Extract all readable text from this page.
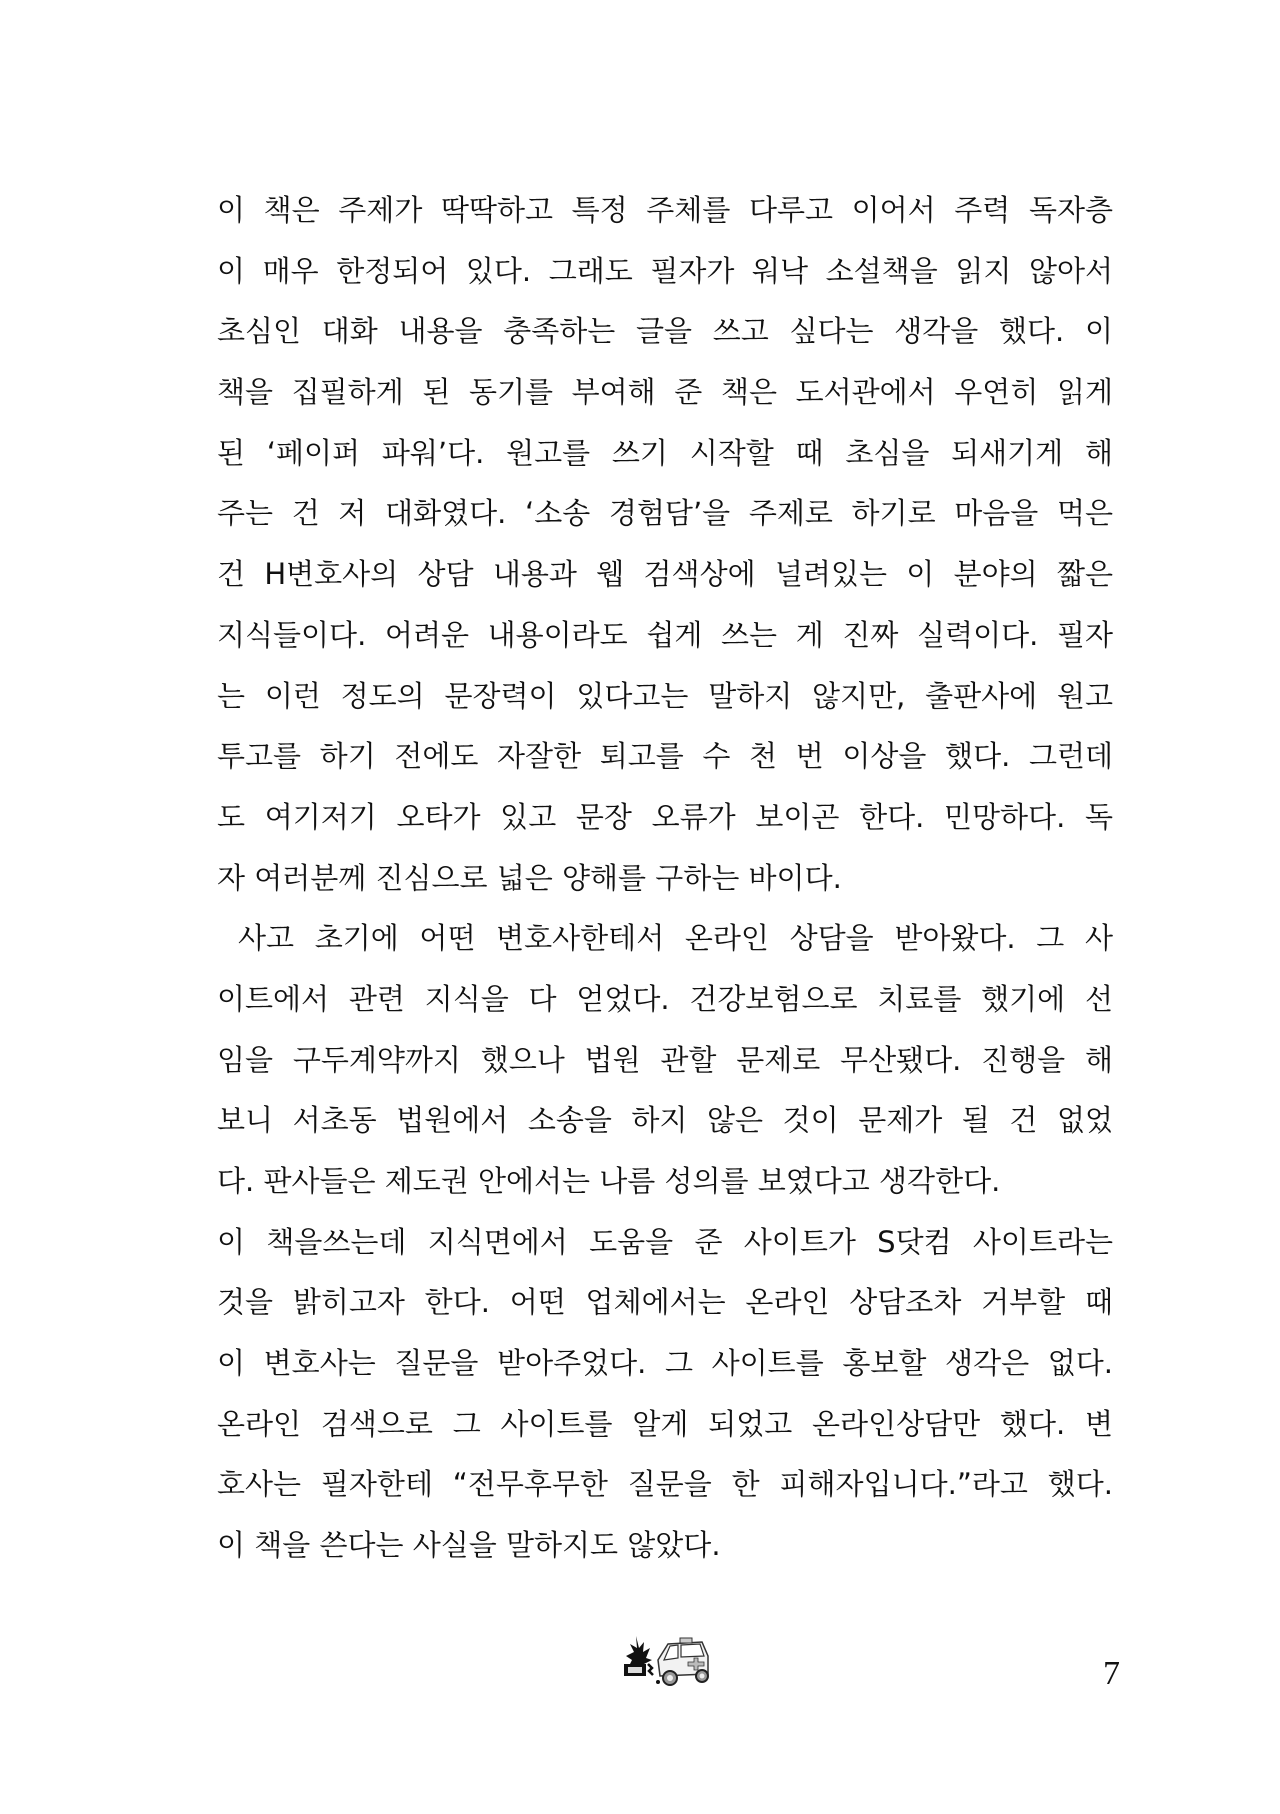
이 책은 주제가 딱딱하고 특정 주체를 다루고 이어서 주력 독자층
이 매우 한정되어 있다. 그래도 필자가 워낙 소설책을 읽지 않아서
초심인 대화 내용을 충족하는 글을 쓰고 싶다는 생각을 했다. 이
책을 집필하게 된 동기를 부여해 준 책은 도서관에서 우연히 읽게
된 ‘페이퍼 파워’다. 원고를 쓰기 시작할 때 초심을 되새기게 해
주는 건 저 대화였다. ‘소송 경험담’을 주제로 하기로 마음을 먹은
건 H변호사의 상담 내용과 웹 검색상에 널려있는 이 분야의 짧은
지식들이다. 어려운 내용이라도 쉽게 쓰는 게 진짜 실력이다. 필자
는 이런 정도의 문장력이 있다고는 말하지 않지만, 출판사에 원고
투고를 하기 전에도 자잘한 퇴고를 수 천 번 이상을 했다. 그런데
도 여기저기 오타가 있고 문장 오류가 보이곤 한다. 민망하다. 독
자 여러분께 진심으로 넓은 양해를 구하는 바이다.
사고 초기에 어떤 변호사한테서 온라인 상담을 받아왔다. 그 사
이트에서 관련 지식을 다 얻었다. 건강보험으로 치료를 했기에 선
임을 구두계약까지 했으나 법원 관할 문제로 무산됐다. 진행을 해
보니 서초동 법원에서 소송을 하지 않은 것이 문제가 될 건 없었
다. 판사들은 제도권 안에서는 나름 성의를 보였다고 생각한다.
이 책을쓰는데 지식면에서 도움을 준 사이트가 S닷컴 사이트라는
것을 밝히고자 한다. 어떤 업체에서는 온라인 상담조차 거부할 때
이 변호사는 질문을 받아주었다. 그 사이트를 홍보할 생각은 없다.
온라인 검색으로 그 사이트를 알게 되었고 온라인상담만 했다. 변
호사는 필자한테 “전무후무한 질문을 한 피해자입니다.”라고 했다.
이 책을 쓴다는 사실을 말하지도 않았다.
7
